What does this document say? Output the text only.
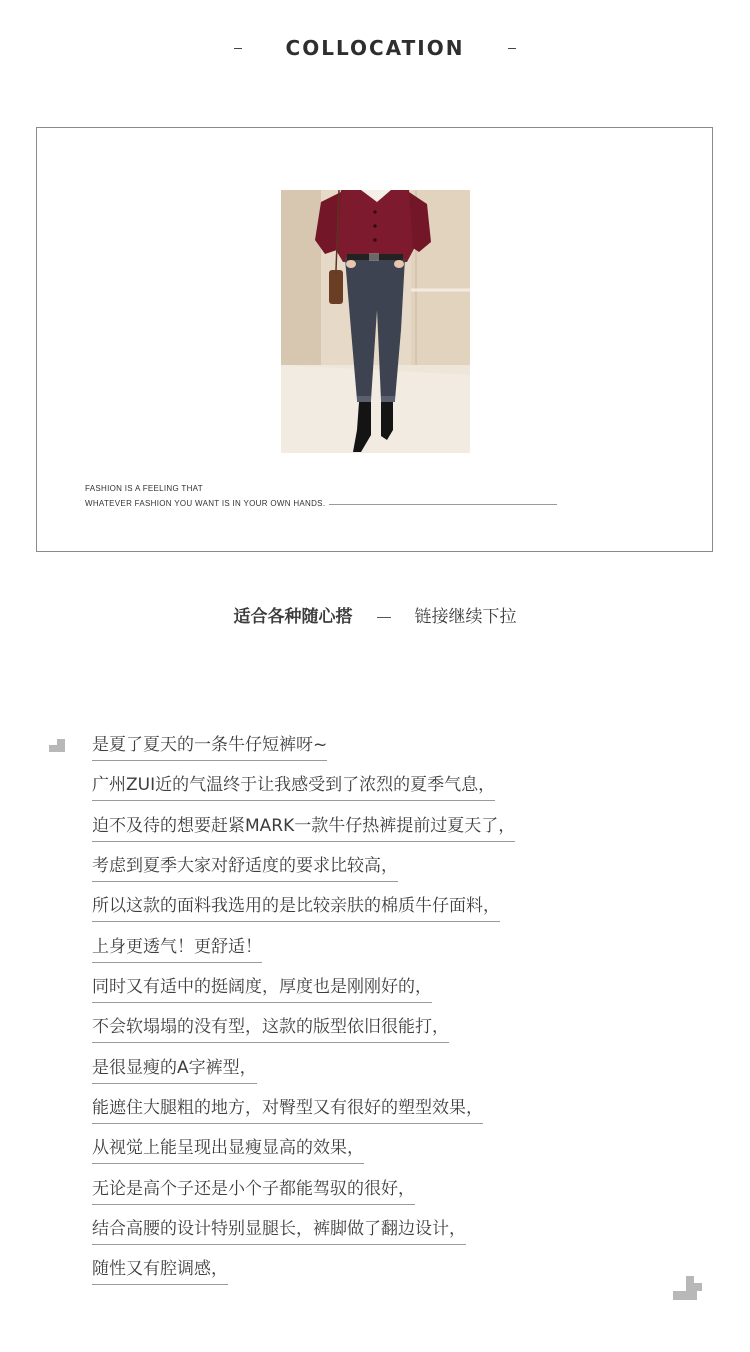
COLLOCATION
FASHION IS A FEELING THAT
WHATEVER FASHION YOU WANT IS IN YOUR OWN HANDS.
适合各种随心搭	链接继续下拉
是夏了夏天的一条牛仔短裤呀~
广州ZUI近的气温终于让我感受到了浓烈的夏季气息，
迫不及待的想要赶紧MARK一款牛仔热裤提前过夏天了，
考虑到夏季大家对舒适度的要求比较高，
所以这款的面料我选用的是比较亲肤的棉质牛仔面料，
上身更透气！更舒适！
同时又有适中的挺阔度，厚度也是刚刚好的，
不会软塌塌的没有型，这款的版型依旧很能打，
是很显瘦的A字裤型，
能遮住大腿粗的地方，对臀型又有很好的塑型效果，
从视觉上能呈现出显瘦显高的效果，
无论是高个子还是小个子都能驾驭的很好，
结合高腰的设计特别显腿长，裤脚做了翻边设计，
随性又有腔调感，
